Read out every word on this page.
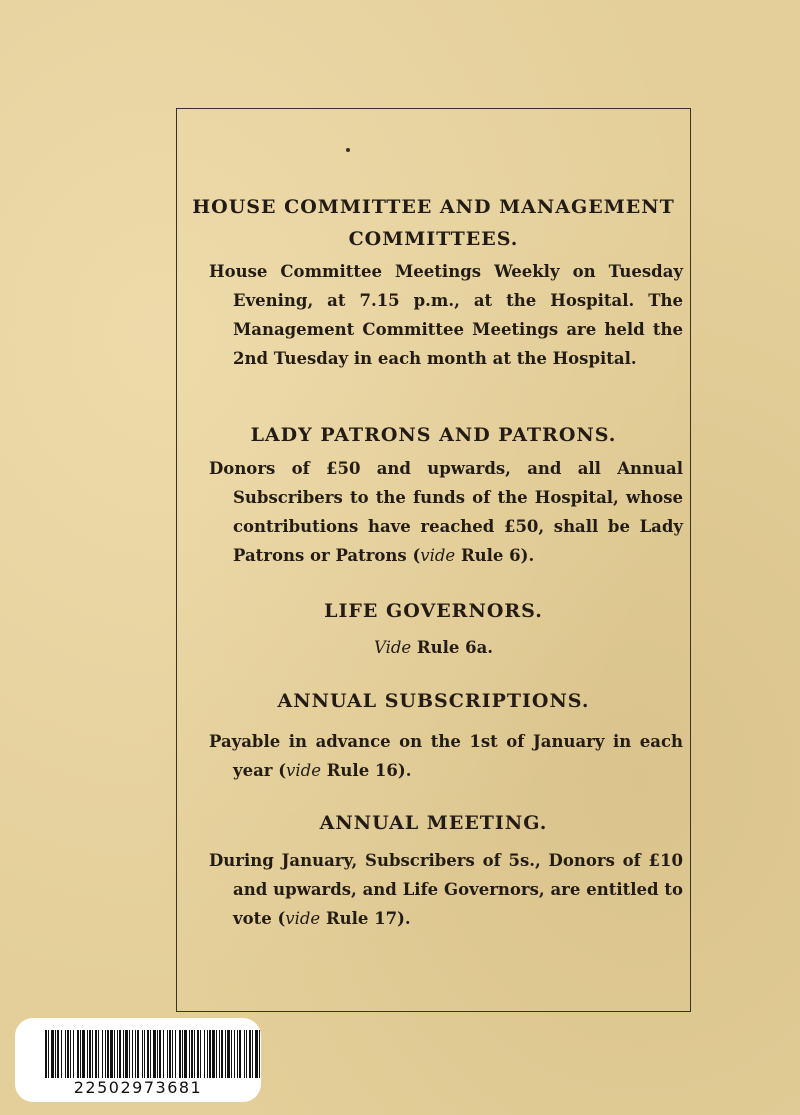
HOUSE COMMITTEE AND MANAGEMENT
COMMITTEES.

House Committee Meetings Weekly on Tuesday Evening, at 7.15 p.m., at the Hospital. The Management Committee Meetings are held the 2nd Tuesday in each month at the Hospital.

LADY PATRONS AND PATRONS.

Donors of £50 and upwards, and all Annual Subscribers to the funds of the Hospital, whose contributions have reached £50, shall be Lady Patrons or Patrons (vide Rule 6).

LIFE GOVERNORS.

Vide Rule 6a.

ANNUAL SUBSCRIPTIONS.

Payable in advance on the 1st of January in each year (vide Rule 16).

ANNUAL MEETING.

During January, Subscribers of 5s., Donors of £10 and upwards, and Life Governors, are entitled to vote (vide Rule 17).

22502973681
